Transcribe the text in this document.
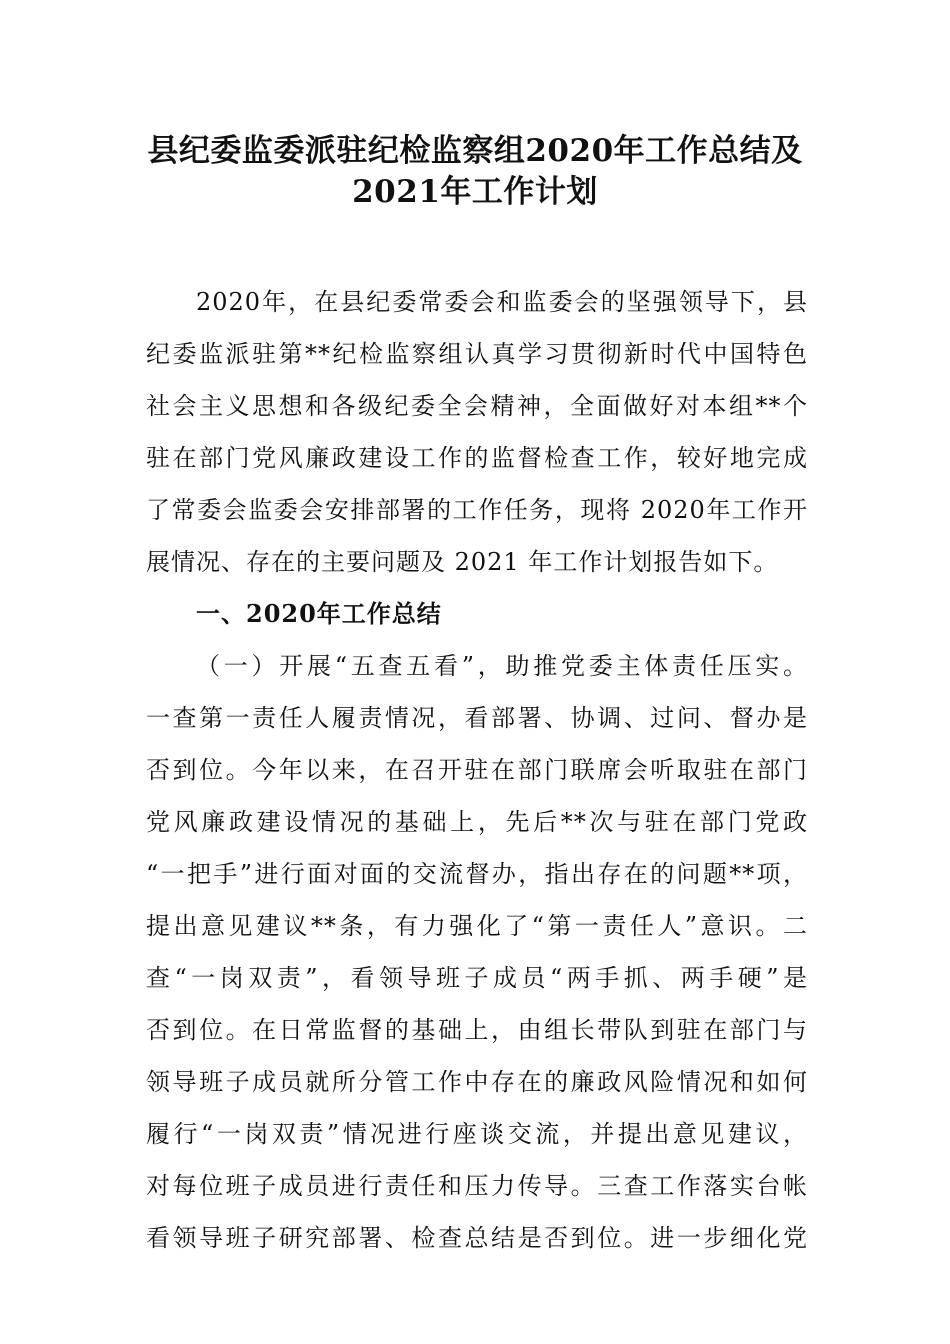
县纪委监委派驻纪检监察组2020年工作总结及
2021年工作计划
2020年，在县纪委常委会和监委会的坚强领导下，县
纪委监派驻第**纪检监察组认真学习贯彻新时代中国特色
社会主义思想和各级纪委全会精神，全面做好对本组**个
驻在部门党风廉政建设工作的监督检查工作，较好地完成
了常委会监委会安排部署的工作任务，现将 2020年工作开
展情况、存在的主要问题及 2021 年工作计划报告如下。
一、2020年工作总结
（一）开展“五查五看”，助推党委主体责任压实。
一查第一责任人履责情况，看部署、协调、过问、督办是
否到位。今年以来，在召开驻在部门联席会听取驻在部门
党风廉政建设情况的基础上，先后**次与驻在部门党政
“一把手”进行面对面的交流督办，指出存在的问题**项，
提出意见建议**条，有力强化了“第一责任人”意识。二
查“一岗双责”，看领导班子成员“两手抓、两手硬”是
否到位。在日常监督的基础上，由组长带队到驻在部门与
领导班子成员就所分管工作中存在的廉政风险情况和如何
履行“一岗双责”情况进行座谈交流，并提出意见建议，
对每位班子成员进行责任和压力传导。三查工作落实台帐
看领导班子研究部署、检查总结是否到位。进一步细化党
